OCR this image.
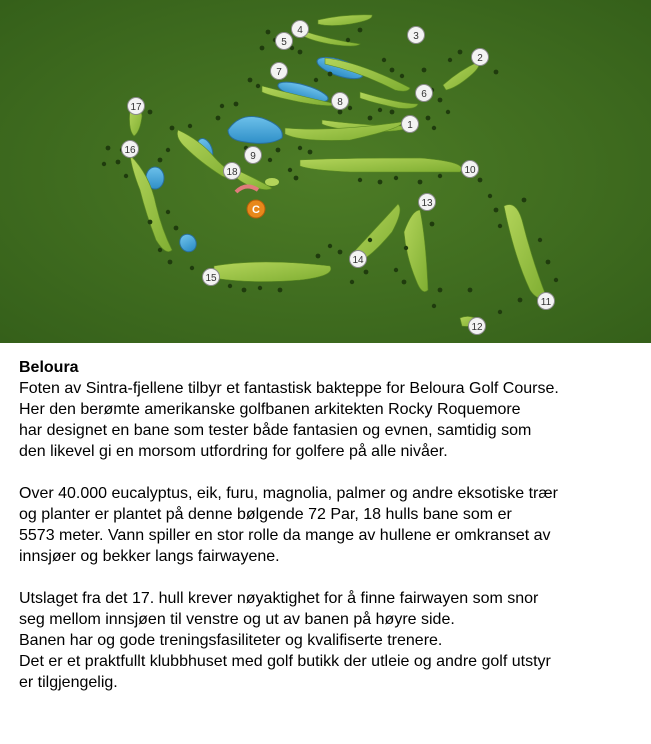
C
1
2
3
4
5
6
7
8
9
10
11
12
13
14
15
16
17
18
Beloura

Foten av Sintra-fjellene tilbyr et fantastisk bakteppe for Beloura Golf Course.
Her den berømte amerikanske golfbanen arkitekten Rocky Roquemore
har designet en bane som tester både fantasien og evnen, samtidig som
den likevel gi en morsom utfordring for golfere på alle nivåer.

Over 40.000 eucalyptus, eik, furu, magnolia, palmer og andre eksotiske trær
og planter er plantet på denne bølgende 72 Par, 18 hulls bane som er
5573 meter. Vann spiller en stor rolle da mange av hullene er omkranset av
innsjøer og bekker langs fairwayene.

Utslaget fra det 17. hull krever nøyaktighet for å finne fairwayen som snor
seg mellom innsjøen til venstre og ut av banen på høyre side.
Banen har og gode treningsfasiliteter og kvalifiserte trenere.
Det er et praktfullt klubbhuset med golf butikk der utleie og andre golf utstyr
er tilgjengelig.
